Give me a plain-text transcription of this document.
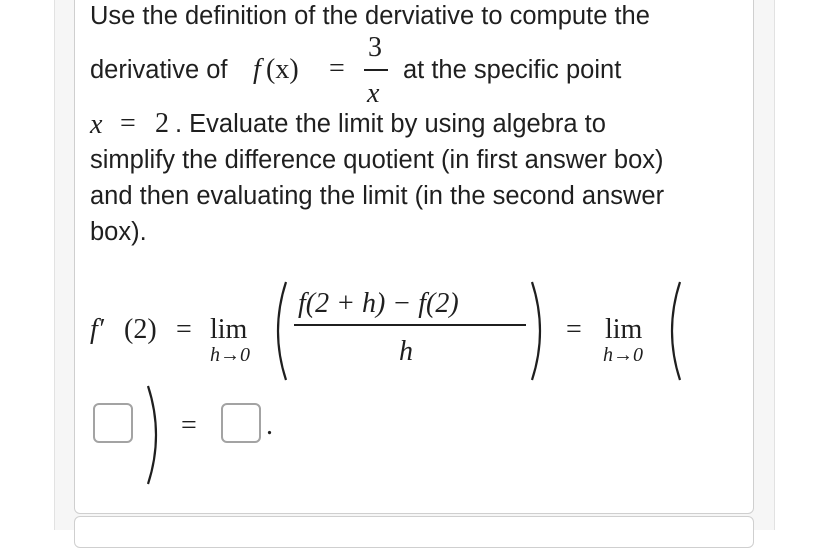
Use the definition of the derviative to compute the
derivative of f (x) =
3
x
at the specific point
x = 2 . Evaluate the limit by using algebra to
simplify the difference quotient (in first answer box)
and then evaluating the limit (in the second answer
box).
f′ (2) = lim
h→0
f(2 + h) − f(2)
h
= lim
h→0
= .
